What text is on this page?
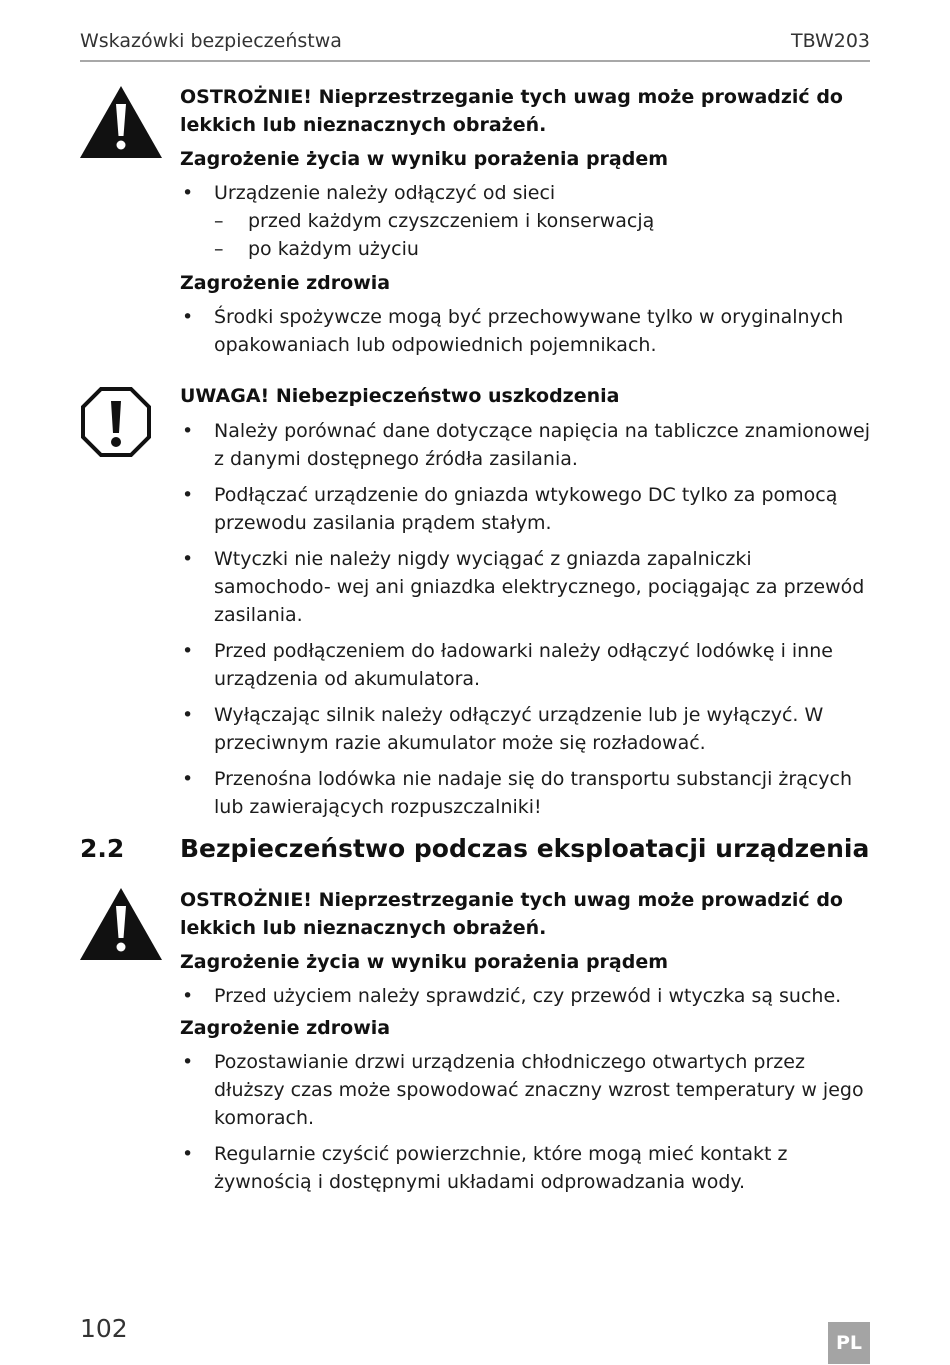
Wskazówki bezpieczeństwa	TBW203
OSTROŻNIE! Nieprzestrzeganie tych uwag może prowadzić do lekkich lub nieznacznych obrażeń.
Zagrożenie życia w wyniku porażenia prądem
• Urządzenie należy odłączyć od sieci
– przed każdym czyszczeniem i konserwacją
– po każdym użyciu
Zagrożenie zdrowia
• Środki spożywcze mogą być przechowywane tylko w oryginalnych opakowaniach lub odpowiednich pojemnikach.
UWAGA! Niebezpieczeństwo uszkodzenia
• Należy porównać dane dotyczące napięcia na tabliczce znamionowej z danymi dostępnego źródła zasilania.
• Podłączać urządzenie do gniazda wtykowego DC tylko za pomocą przewodu zasilania prądem stałym.
• Wtyczki nie należy nigdy wyciągać z gniazda zapalniczki samochodo- wej ani gniazdka elektrycznego, pociągając za przewód zasilania.
• Przed podłączeniem do ładowarki należy odłączyć lodówkę i inne urządzenia od akumulatora.
• Wyłączając silnik należy odłączyć urządzenie lub je wyłączyć. W przeciwnym razie akumulator może się rozładować.
• Przenośna lodówka nie nadaje się do transportu substancji żrących lub zawierających rozpuszczalniki!
2.2 Bezpieczeństwo podczas eksploatacji urządzenia
OSTROŻNIE! Nieprzestrzeganie tych uwag może prowadzić do lekkich lub nieznacznych obrażeń.
Zagrożenie życia w wyniku porażenia prądem
• Przed użyciem należy sprawdzić, czy przewód i wtyczka są suche.
Zagrożenie zdrowia
• Pozostawianie drzwi urządzenia chłodniczego otwartych przez dłuższy czas może spowodować znaczny wzrost temperatury w jego komorach.
• Regularnie czyścić powierzchnie, które mogą mieć kontakt z żywnością i dostępnymi układami odprowadzania wody.
102	PL
